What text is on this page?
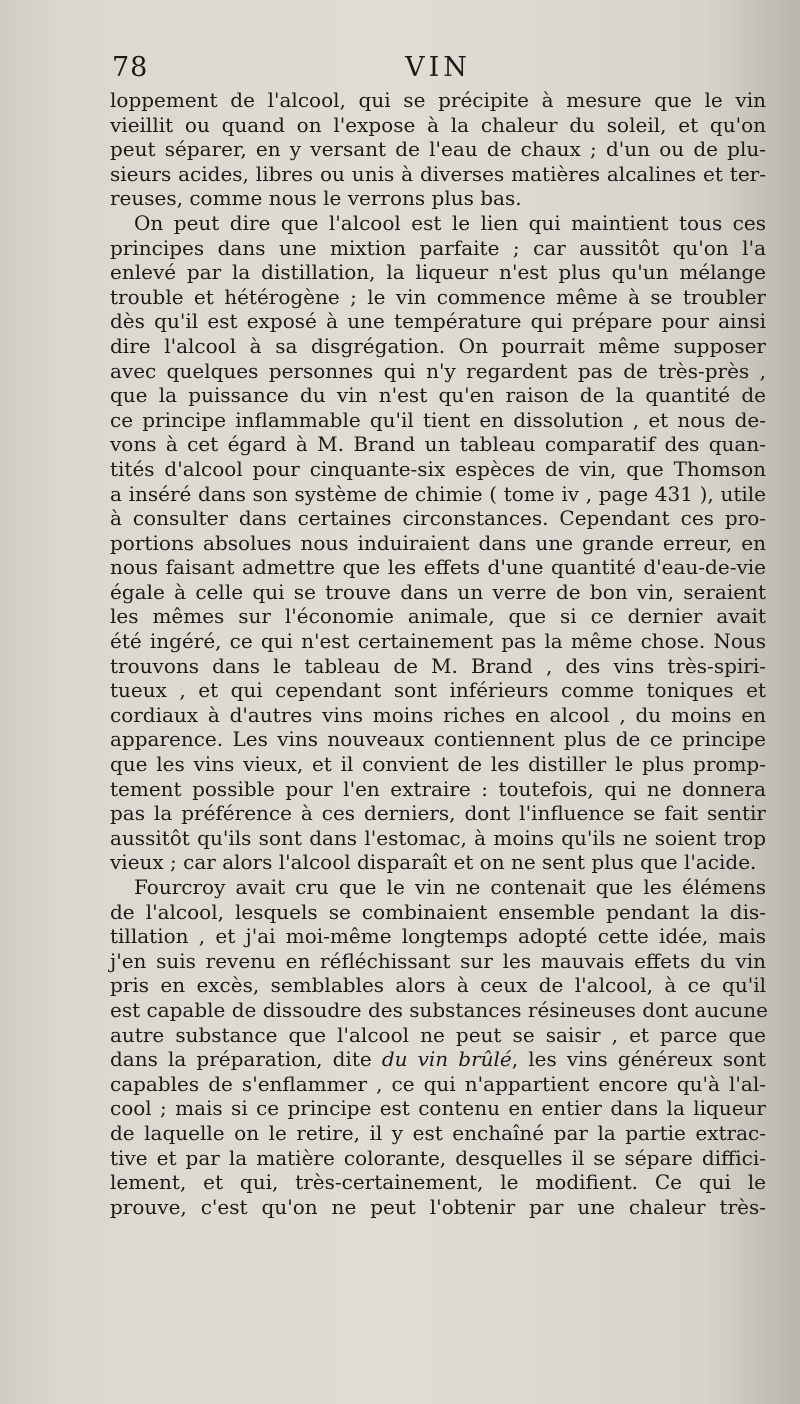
78	VIN
loppement de l'alcool, qui se précipite à mesure que le vin
vieillit ou quand on l'expose à la chaleur du soleil, et qu'on
peut séparer, en y versant de l'eau de chaux ; d'un ou de plu-
sieurs acides, libres ou unis à diverses matières alcalines et ter-
reuses, comme nous le verrons plus bas.
On peut dire que l'alcool est le lien qui maintient tous ces
principes dans une mixtion parfaite ; car aussitôt qu'on l'a
enlevé par la distillation, la liqueur n'est plus qu'un mélange
trouble et hétérogène ; le vin commence même à se troubler
dès qu'il est exposé à une température qui prépare pour ainsi
dire l'alcool à sa disgrégation. On pourrait même supposer
avec quelques personnes qui n'y regardent pas de très-près ,
que la puissance du vin n'est qu'en raison de la quantité de
ce principe inflammable qu'il tient en dissolution , et nous de-
vons à cet égard à M. Brand un tableau comparatif des quan-
tités d'alcool pour cinquante-six espèces de vin, que Thomson
a inséré dans son système de chimie ( tome iv , page 431 ), utile
à consulter dans certaines circonstances. Cependant ces pro-
portions absolues nous induiraient dans une grande erreur, en
nous faisant admettre que les effets d'une quantité d'eau-de-vie
égale à celle qui se trouve dans un verre de bon vin, seraient
les mêmes sur l'économie animale, que si ce dernier avait
été ingéré, ce qui n'est certainement pas la même chose. Nous
trouvons dans le tableau de M. Brand , des vins très-spiri-
tueux , et qui cependant sont inférieurs comme toniques et
cordiaux à d'autres vins moins riches en alcool , du moins en
apparence. Les vins nouveaux contiennent plus de ce principe
que les vins vieux, et il convient de les distiller le plus promp-
tement possible pour l'en extraire : toutefois, qui ne donnera
pas la préférence à ces derniers, dont l'influence se fait sentir
aussitôt qu'ils sont dans l'estomac, à moins qu'ils ne soient trop
vieux ; car alors l'alcool disparaît et on ne sent plus que l'acide.
Fourcroy avait cru que le vin ne contenait que les élémens
de l'alcool, lesquels se combinaient ensemble pendant la dis-
tillation , et j'ai moi-même longtemps adopté cette idée, mais
j'en suis revenu en réfléchissant sur les mauvais effets du vin
pris en excès, semblables alors à ceux de l'alcool, à ce qu'il
est capable de dissoudre des substances résineuses dont aucune
autre substance que l'alcool ne peut se saisir , et parce que
dans la préparation, dite du vin brûlé, les vins généreux sont
capables de s'enflammer , ce qui n'appartient encore qu'à l'al-
cool ; mais si ce principe est contenu en entier dans la liqueur
de laquelle on le retire, il y est enchaîné par la partie extrac-
tive et par la matière colorante, desquelles il se sépare diffici-
lement, et qui, très-certainement, le modifient. Ce qui le
prouve, c'est qu'on ne peut l'obtenir par une chaleur très-
